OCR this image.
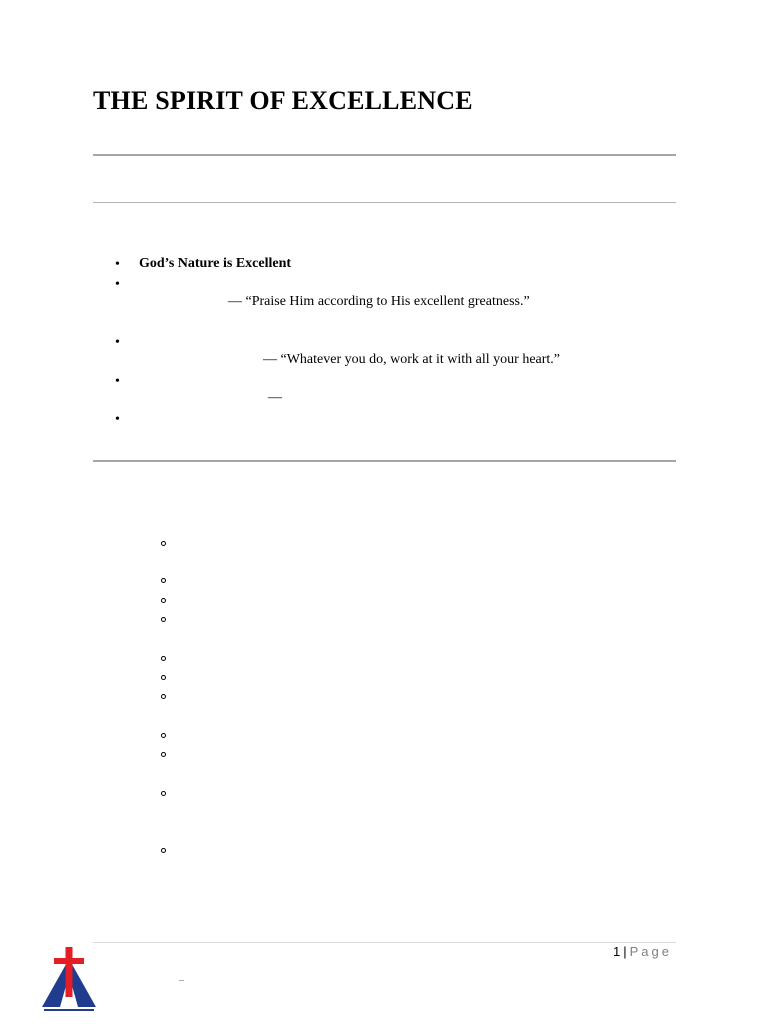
THE SPIRIT OF EXCELLENCE
• God’s Nature is Excellent
•
— “Praise Him according to His excellent greatness.”
•
— “Whatever you do, work at it with all your heart.”
•
—
•
1 | Page
–
